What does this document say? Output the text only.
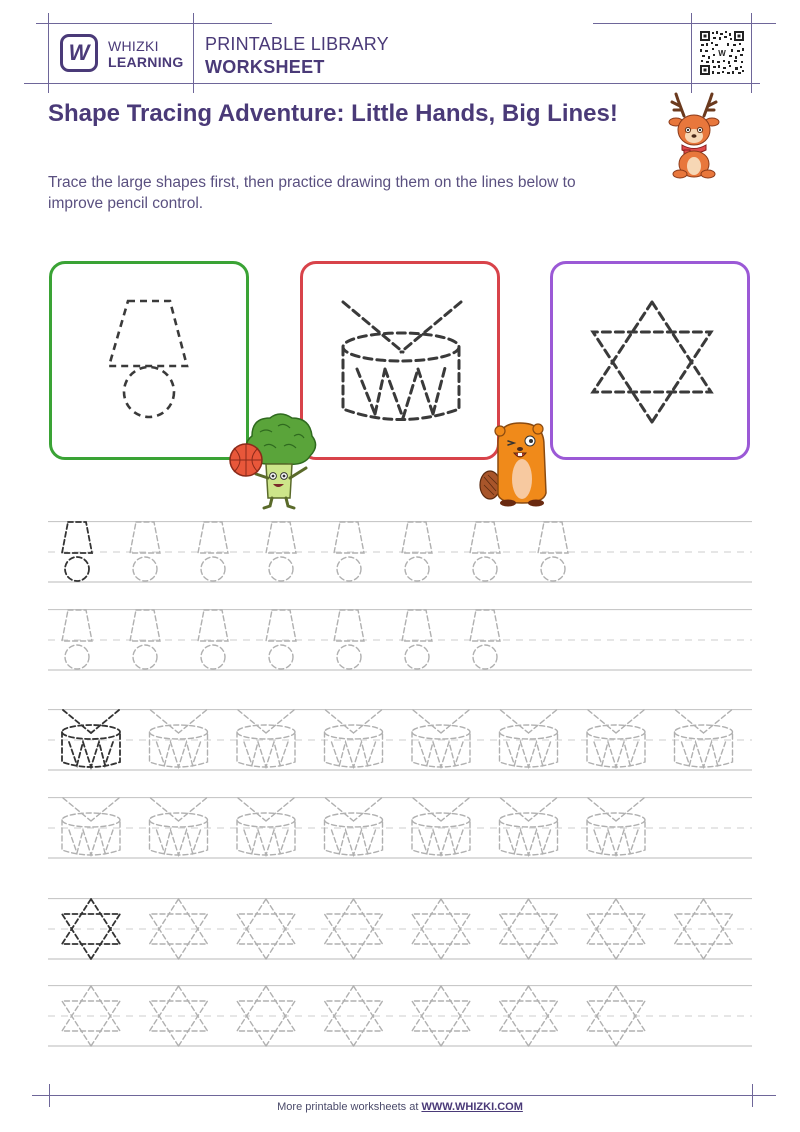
W WHIZKI
LEARNING
PRINTABLE LIBRARY
WORKSHEET
W
Shape Tracing Adventure: Little Hands, Big Lines!
Trace the large shapes first, then practice drawing them on the lines below to improve pencil control.
More printable worksheets at WWW.WHIZKI.COM
